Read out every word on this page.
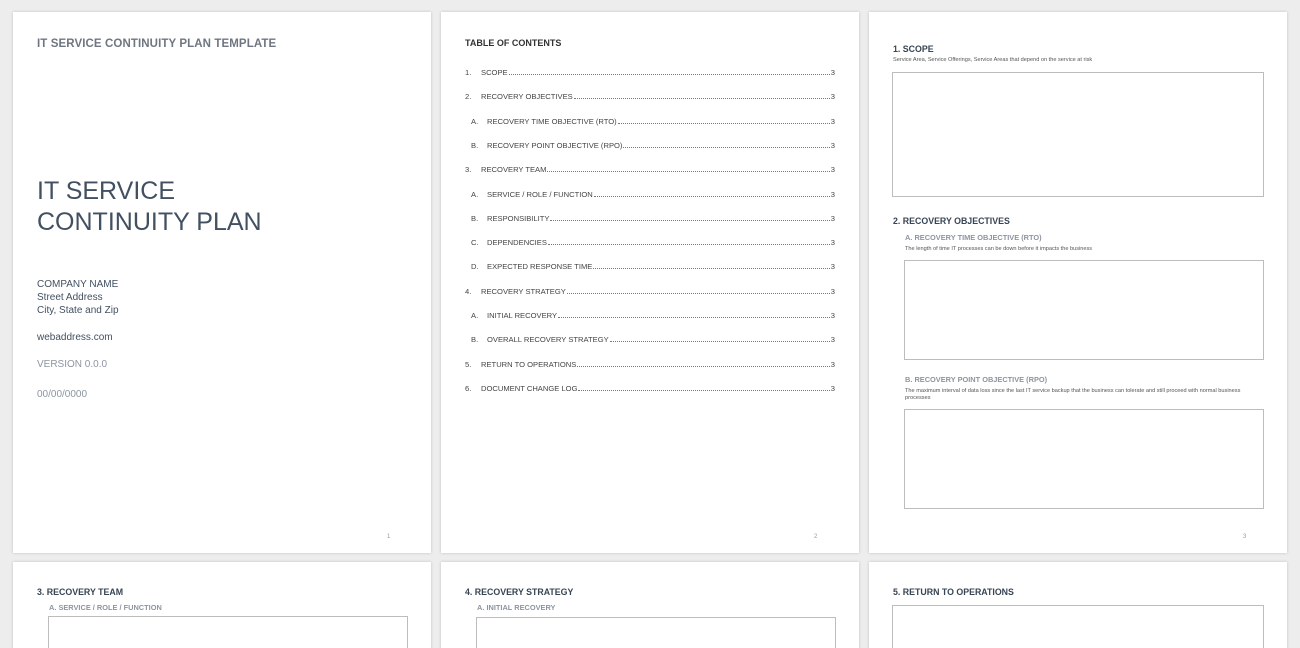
IT SERVICE CONTINUITY PLAN TEMPLATE
IT SERVICE
CONTINUITY PLAN
COMPANY NAME
Street Address
City, State and Zip
webaddress.com
VERSION 0.0.0
00/00/0000
1
TABLE OF CONTENTS
1.	SCOPE	3
2.	RECOVERY OBJECTIVES	3
A.	RECOVERY TIME OBJECTIVE (RTO)	3
B.	RECOVERY POINT OBJECTIVE (RPO)	3
3.	RECOVERY TEAM	3
A.	SERVICE / ROLE / FUNCTION	3
B.	RESPONSIBILITY	3
C.	DEPENDENCIES	3
D.	EXPECTED RESPONSE TIME	3
4.	RECOVERY STRATEGY	3
A.	INITIAL RECOVERY	3
B.	OVERALL RECOVERY STRATEGY	3
5.	RETURN TO OPERATIONS	3
6.	DOCUMENT CHANGE LOG	3
2
1. SCOPE
Service Area, Service Offerings, Service Areas that depend on the service at risk
2. RECOVERY OBJECTIVES
A. RECOVERY TIME OBJECTIVE (RTO)
The length of time IT processes can be down before it impacts the business
B. RECOVERY POINT OBJECTIVE (RPO)
The maximum interval of data loss since the last IT service backup that the business can tolerate and still proceed with normal business processes
3
3. RECOVERY TEAM
A. SERVICE / ROLE / FUNCTION
4. RECOVERY STRATEGY
A. INITIAL RECOVERY
5. RETURN TO OPERATIONS
